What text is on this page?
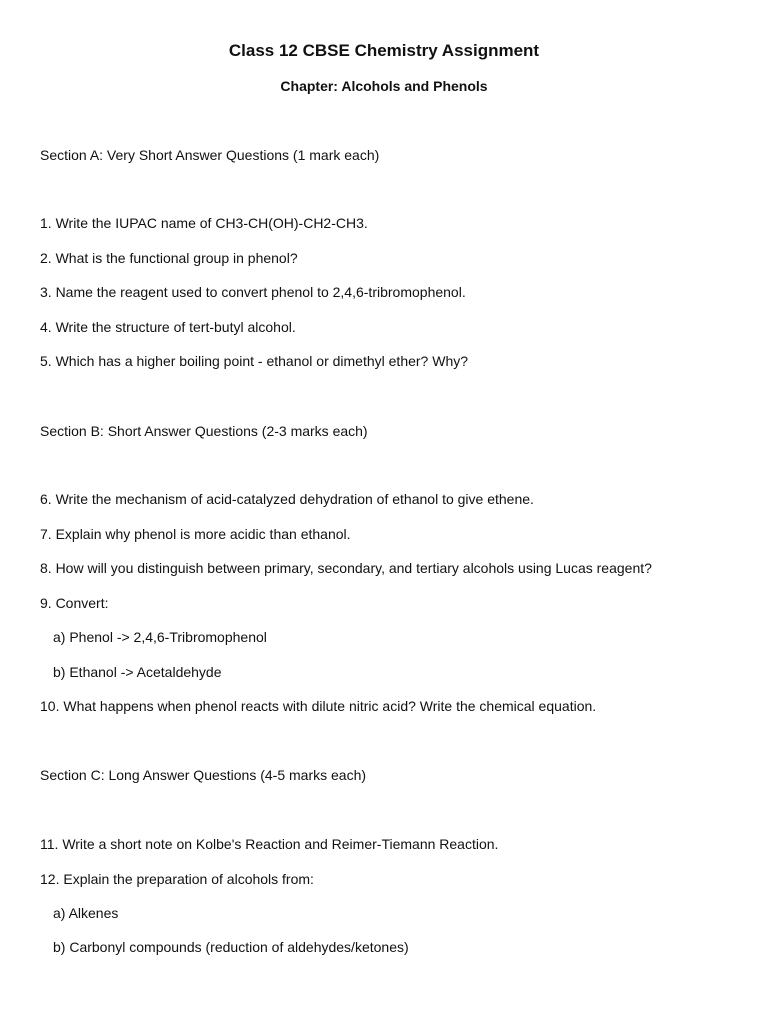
Class 12 CBSE Chemistry Assignment
Chapter: Alcohols and Phenols

Section A: Very Short Answer Questions (1 mark each)

1. Write the IUPAC name of CH3-CH(OH)-CH2-CH3.

2. What is the functional group in phenol?

3. Name the reagent used to convert phenol to 2,4,6-tribromophenol.

4. Write the structure of tert-butyl alcohol.

5. Which has a higher boiling point - ethanol or dimethyl ether? Why?

Section B: Short Answer Questions (2-3 marks each)

6. Write the mechanism of acid-catalyzed dehydration of ethanol to give ethene.

7. Explain why phenol is more acidic than ethanol.

8. How will you distinguish between primary, secondary, and tertiary alcohols using Lucas reagent?

9. Convert:

a) Phenol -> 2,4,6-Tribromophenol

b) Ethanol -> Acetaldehyde

10. What happens when phenol reacts with dilute nitric acid? Write the chemical equation.

Section C: Long Answer Questions (4-5 marks each)

11. Write a short note on Kolbe's Reaction and Reimer-Tiemann Reaction.

12. Explain the preparation of alcohols from:

a) Alkenes

b) Carbonyl compounds (reduction of aldehydes/ketones)
